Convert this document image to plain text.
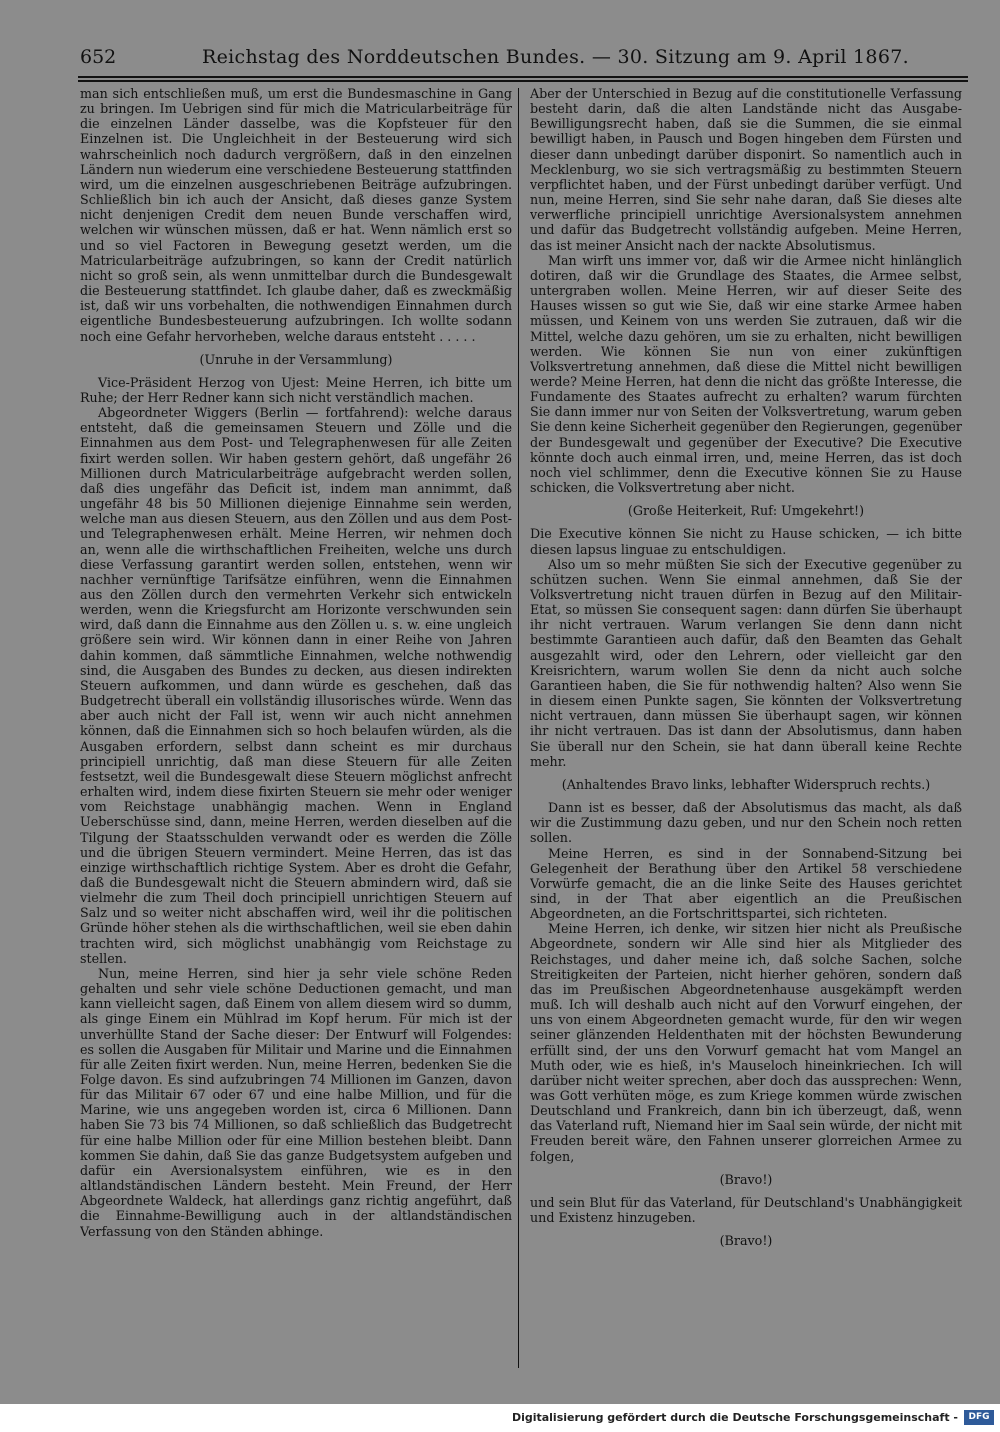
652	Reichstag des Norddeutschen Bundes. — 30. Sitzung am 9. April 1867.

man sich entschließen muß, um erst die Bundesmaschine in Gang zu bringen. Im Uebrigen sind für mich die Matricularbeiträge für die einzelnen Länder dasselbe, was die Kopfsteuer für den Einzelnen ist. Die Ungleichheit in der Besteuerung wird sich wahrscheinlich noch dadurch vergrößern, daß in den einzelnen Ländern nun wiederum eine verschiedene Besteuerung stattfinden wird, um die einzelnen ausgeschriebenen Beiträge aufzubringen. Schließlich bin ich auch der Ansicht, daß dieses ganze System nicht denjenigen Credit dem neuen Bunde verschaffen wird, welchen wir wünschen müssen, daß er hat. Wenn nämlich erst so und so viel Factoren in Bewegung gesetzt werden, um die Matricularbeiträge aufzubringen, so kann der Credit natürlich nicht so groß sein, als wenn unmittelbar durch die Bundesgewalt die Besteuerung stattfindet. Ich glaube daher, daß es zweckmäßig ist, daß wir uns vorbehalten, die nothwendigen Einnahmen durch eigentliche Bundesbesteuerung aufzubringen. Ich wollte sodann noch eine Gefahr hervorheben, welche daraus entsteht . . . . .

(Unruhe in der Versammlung)

Vice-Präsident Herzog von Ujest: Meine Herren, ich bitte um Ruhe; der Herr Redner kann sich nicht verständlich machen.

Abgeordneter Wiggers (Berlin — fortfahrend): welche daraus entsteht, daß die gemeinsamen Steuern und Zölle und die Einnahmen aus dem Post- und Telegraphenwesen für alle Zeiten fixirt werden sollen. Wir haben gestern gehört, daß ungefähr 26 Millionen durch Matricularbeiträge aufgebracht werden sollen, daß dies ungefähr das Deficit ist, indem man annimmt, daß ungefähr 48 bis 50 Millionen diejenige Einnahme sein werden, welche man aus diesen Steuern, aus den Zöllen und aus dem Post- und Telegraphenwesen erhält. Meine Herren, wir nehmen doch an, wenn alle die wirthschaftlichen Freiheiten, welche uns durch diese Verfassung garantirt werden sollen, entstehen, wenn wir nachher vernünftige Tarifsätze einführen, wenn die Einnahmen aus den Zöllen durch den vermehrten Verkehr sich entwickeln werden, wenn die Kriegsfurcht am Horizonte verschwunden sein wird, daß dann die Einnahme aus den Zöllen u. s. w. eine ungleich größere sein wird. Wir können dann in einer Reihe von Jahren dahin kommen, daß sämmtliche Einnahmen, welche nothwendig sind, die Ausgaben des Bundes zu decken, aus diesen indirekten Steuern aufkommen, und dann würde es geschehen, daß das Budgetrecht überall ein vollständig illusorisches würde. Wenn das aber auch nicht der Fall ist, wenn wir auch nicht annehmen können, daß die Einnahmen sich so hoch belaufen würden, als die Ausgaben erfordern, selbst dann scheint es mir durchaus principiell unrichtig, daß man diese Steuern für alle Zeiten festsetzt, weil die Bundesgewalt diese Steuern möglichst anfrecht erhalten wird, indem diese fixirten Steuern sie mehr oder weniger vom Reichstage unabhängig machen. Wenn in England Ueberschüsse sind, dann, meine Herren, werden dieselben auf die Tilgung der Staatsschulden verwandt oder es werden die Zölle und die übrigen Steuern vermindert. Meine Herren, das ist das einzige wirthschaftlich richtige System. Aber es droht die Gefahr, daß die Bundesgewalt nicht die Steuern abmindern wird, daß sie vielmehr die zum Theil doch principiell unrichtigen Steuern auf Salz und so weiter nicht abschaffen wird, weil ihr die politischen Gründe höher stehen als die wirthschaftlichen, weil sie eben dahin trachten wird, sich möglichst unabhängig vom Reichstage zu stellen.

Nun, meine Herren, sind hier ja sehr viele schöne Reden gehalten und sehr viele schöne Deductionen gemacht, und man kann vielleicht sagen, daß Einem von allem diesem wird so dumm, als ginge Einem ein Mühlrad im Kopf herum. Für mich ist der unverhüllte Stand der Sache dieser: Der Entwurf will Folgendes: es sollen die Ausgaben für Militair und Marine und die Einnahmen für alle Zeiten fixirt werden. Nun, meine Herren, bedenken Sie die Folge davon. Es sind aufzubringen 74 Millionen im Ganzen, davon für das Militair 67 oder 67 und eine halbe Million, und für die Marine, wie uns angegeben worden ist, circa 6 Millionen. Dann haben Sie 73 bis 74 Millionen, so daß schließlich das Budgetrecht für eine halbe Million oder für eine Million bestehen bleibt. Dann kommen Sie dahin, daß Sie das ganze Budgetsystem aufgeben und dafür ein Aversionalsystem einführen, wie es in den altlandständischen Ländern besteht. Mein Freund, der Herr Abgeordnete Waldeck, hat allerdings ganz richtig angeführt, daß die Einnahme-Bewilligung auch in der altlandständischen Verfassung von den Ständen abhinge.

Aber der Unterschied in Bezug auf die constitutionelle Verfassung besteht darin, daß die alten Landstände nicht das Ausgabe-Bewilligungsrecht haben, daß sie die Summen, die sie einmal bewilligt haben, in Pausch und Bogen hingeben dem Fürsten und dieser dann unbedingt darüber disponirt. So namentlich auch in Mecklenburg, wo sie sich vertragsmäßig zu bestimmten Steuern verpflichtet haben, und der Fürst unbedingt darüber verfügt. Und nun, meine Herren, sind Sie sehr nahe daran, daß Sie dieses alte verwerfliche principiell unrichtige Aversionalsystem annehmen und dafür das Budgetrecht vollständig aufgeben. Meine Herren, das ist meiner Ansicht nach der nackte Absolutismus.

Man wirft uns immer vor, daß wir die Armee nicht hinlänglich dotiren, daß wir die Grundlage des Staates, die Armee selbst, untergraben wollen. Meine Herren, wir auf dieser Seite des Hauses wissen so gut wie Sie, daß wir eine starke Armee haben müssen, und Keinem von uns werden Sie zutrauen, daß wir die Mittel, welche dazu gehören, um sie zu erhalten, nicht bewilligen werden. Wie können Sie nun von einer zukünftigen Volksvertretung annehmen, daß diese die Mittel nicht bewilligen werde? Meine Herren, hat denn die nicht das größte Interesse, die Fundamente des Staates aufrecht zu erhalten? warum fürchten Sie dann immer nur von Seiten der Volksvertretung, warum geben Sie denn keine Sicherheit gegenüber den Regierungen, gegenüber der Bundesgewalt und gegenüber der Executive? Die Executive könnte doch auch einmal irren, und, meine Herren, das ist doch noch viel schlimmer, denn die Executive können Sie zu Hause schicken, die Volksvertretung aber nicht.

(Große Heiterkeit, Ruf: Umgekehrt!)

Die Executive können Sie nicht zu Hause schicken, — ich bitte diesen lapsus linguae zu entschuldigen.

Also um so mehr müßten Sie sich der Executive gegenüber zu schützen suchen. Wenn Sie einmal annehmen, daß Sie der Volksvertretung nicht trauen dürfen in Bezug auf den Militair-Etat, so müssen Sie consequent sagen: dann dürfen Sie überhaupt ihr nicht vertrauen. Warum verlangen Sie denn dann nicht bestimmte Garantieen auch dafür, daß den Beamten das Gehalt ausgezahlt wird, oder den Lehrern, oder vielleicht gar den Kreisrichtern, warum wollen Sie denn da nicht auch solche Garantieen haben, die Sie für nothwendig halten? Also wenn Sie in diesem einen Punkte sagen, Sie könnten der Volksvertretung nicht vertrauen, dann müssen Sie überhaupt sagen, wir können ihr nicht vertrauen. Das ist dann der Absolutismus, dann haben Sie überall nur den Schein, sie hat dann überall keine Rechte mehr.

(Anhaltendes Bravo links, lebhafter Widerspruch rechts.)

Dann ist es besser, daß der Absolutismus das macht, als daß wir die Zustimmung dazu geben, und nur den Schein noch retten sollen.

Meine Herren, es sind in der Sonnabend-Sitzung bei Gelegenheit der Berathung über den Artikel 58 verschiedene Vorwürfe gemacht, die an die linke Seite des Hauses gerichtet sind, in der That aber eigentlich an die Preußischen Abgeordneten, an die Fortschrittspartei, sich richteten.

Meine Herren, ich denke, wir sitzen hier nicht als Preußische Abgeordnete, sondern wir Alle sind hier als Mitglieder des Reichstages, und daher meine ich, daß solche Sachen, solche Streitigkeiten der Parteien, nicht hierher gehören, sondern daß das im Preußischen Abgeordnetenhause ausgekämpft werden muß. Ich will deshalb auch nicht auf den Vorwurf eingehen, der uns von einem Abgeordneten gemacht wurde, für den wir wegen seiner glänzenden Heldenthaten mit der höchsten Bewunderung erfüllt sind, der uns den Vorwurf gemacht hat vom Mangel an Muth oder, wie es hieß, in's Mauseloch hineinkriechen. Ich will darüber nicht weiter sprechen, aber doch das aussprechen: Wenn, was Gott verhüten möge, es zum Kriege kommen würde zwischen Deutschland und Frankreich, dann bin ich überzeugt, daß, wenn das Vaterland ruft, Niemand hier im Saal sein würde, der nicht mit Freuden bereit wäre, den Fahnen unserer glorreichen Armee zu folgen,

(Bravo!)

und sein Blut für das Vaterland, für Deutschland's Unabhängigkeit und Existenz hinzugeben.

(Bravo!)

Digitalisierung gefördert durch die Deutsche Forschungsgemeinschaft -	DFG
